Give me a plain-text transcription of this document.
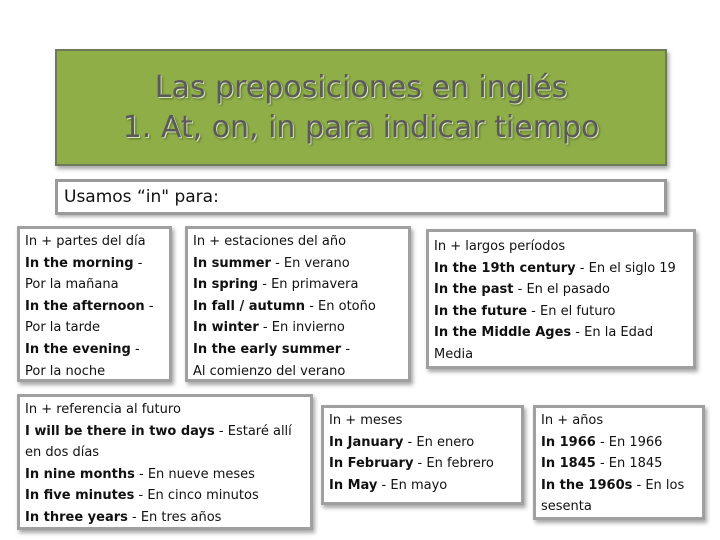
Las preposiciones en inglés
1. At, on, in para indicar tiempo
Usamos “in" para:
In + partes del día
In the morning -
Por la mañana
In the afternoon -
Por la tarde
In the evening -
Por la noche
In + estaciones del año
In summer - En verano
In spring - En primavera
In fall / autumn - En otoño
In winter - En invierno
In the early summer -
Al comienzo del verano
In + largos períodos
In the 19th century - En el siglo 19
In the past - En el pasado
In the future - En el futuro
In the Middle Ages - En la Edad Media
In + referencia al futuro
I will be there in two days - Estaré allí en dos días
In nine months - En nueve meses
In five minutes - En cinco minutos
In three years - En tres años
In + meses
In January - En enero
In February - En febrero
In May - En mayo
In + años
In 1966 - En 1966
In 1845 - En 1845
In the 1960s - En los sesenta
